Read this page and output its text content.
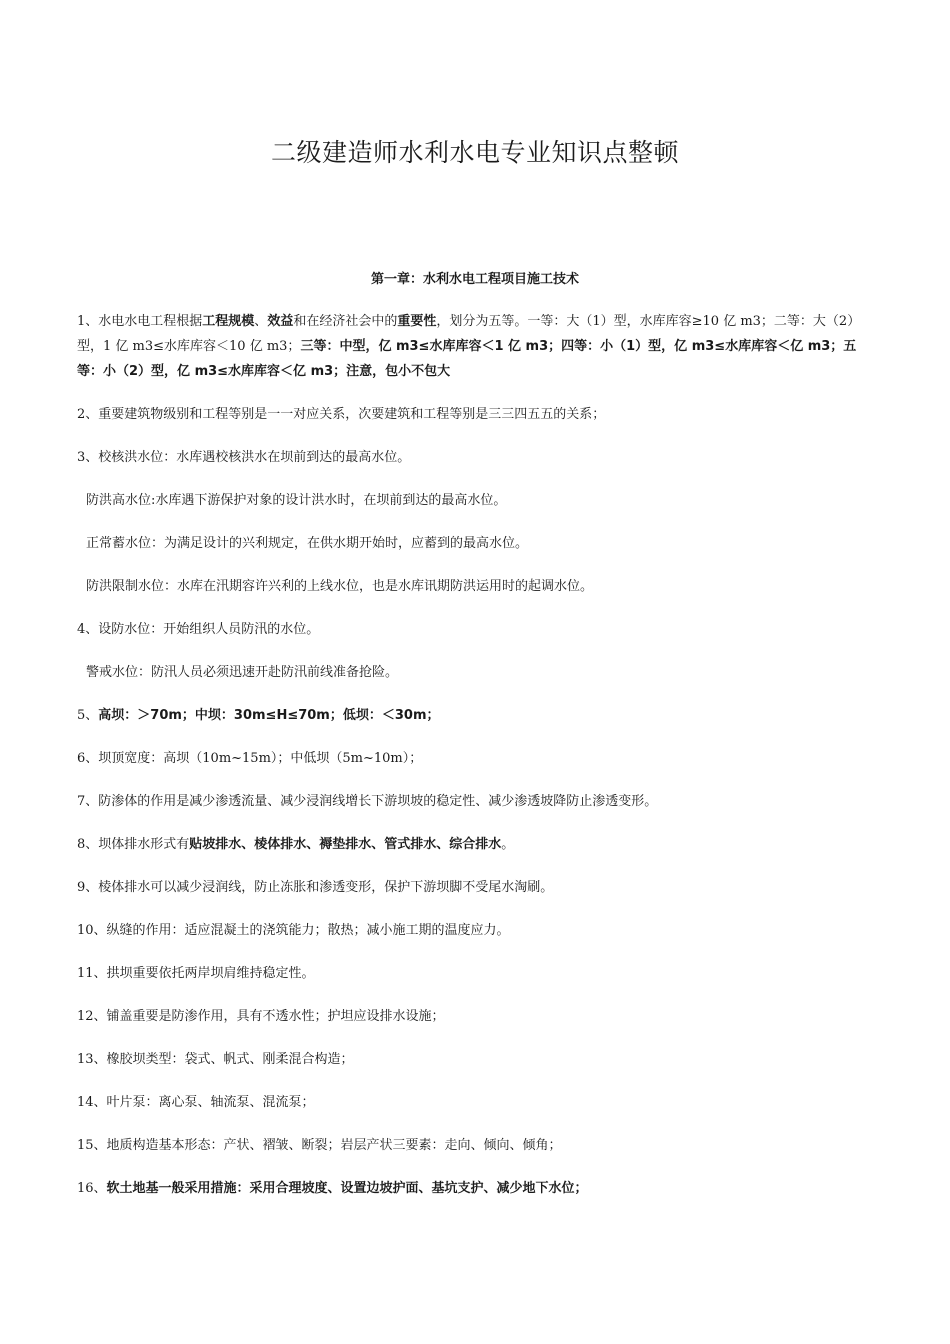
二级建造师水利水电专业知识点整顿
第一章：水利水电工程项目施工技术

1、水电水电工程根据工程规模、效益和在经济社会中的重要性，划分为五等。一等：大（1）型，水库库容≥10 亿 m3；二等：大（2）型，1 亿 m3≤水库库容＜10 亿 m3；三等：中型，亿 m3≤水库库容＜1 亿 m3；四等：小（1）型，亿 m3≤水库库容＜亿 m3；五等：小（2）型，亿 m3≤水库库容＜亿 m3；注意，包小不包大

2、重要建筑物级别和工程等别是一一对应关系，次要建筑和工程等别是三三四五五的关系；

3、校核洪水位：水库遇校核洪水在坝前到达的最高水位。

防洪高水位:水库遇下游保护对象的设计洪水时，在坝前到达的最高水位。

正常蓄水位：为满足设计的兴利规定，在供水期开始时，应蓄到的最高水位。

防洪限制水位：水库在汛期容许兴利的上线水位，也是水库讯期防洪运用时的起调水位。

4、设防水位：开始组织人员防汛的水位。

警戒水位：防汛人员必须迅速开赴防汛前线准备抢险。

5、高坝：＞70m；中坝：30m≤H≤70m；低坝：＜30m；

6、坝顶宽度：高坝（10m~15m）；中低坝（5m~10m）；

7、防渗体的作用是减少渗透流量、减少浸润线增长下游坝坡的稳定性、减少渗透坡降防止渗透变形。

8、坝体排水形式有贴坡排水、棱体排水、褥垫排水、管式排水、综合排水。

9、棱体排水可以减少浸润线，防止冻胀和渗透变形，保护下游坝脚不受尾水淘刷。

10、纵缝的作用：适应混凝土的浇筑能力；散热；减小施工期的温度应力。

11、拱坝重要依托两岸坝肩维持稳定性。

12、铺盖重要是防渗作用，具有不透水性；护坦应设排水设施；

13、橡胶坝类型：袋式、帆式、刚柔混合构造；

14、叶片泵：离心泵、轴流泵、混流泵；

15、地质构造基本形态：产状、褶皱、断裂；岩层产状三要素：走向、倾向、倾角；

16、软土地基一般采用措施：采用合理坡度、设置边坡护面、基坑支护、减少地下水位；
